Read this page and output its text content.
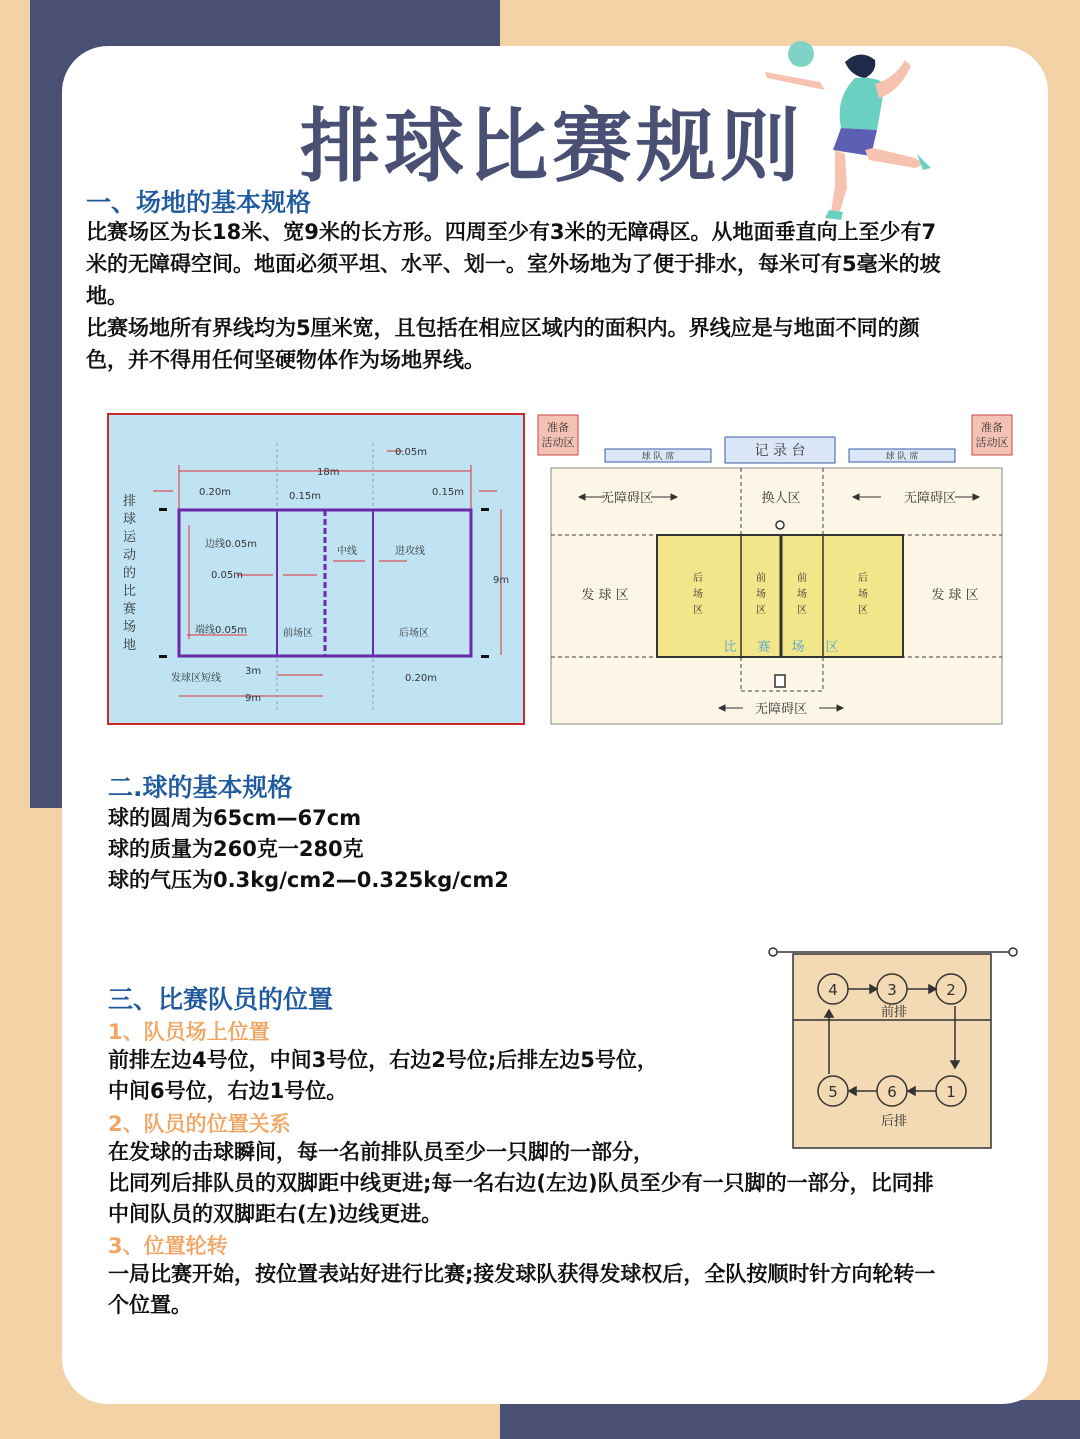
排球比赛规则
一、场地的基本规格
比赛场区为长18米、宽9米的长方形。四周至少有3米的无障碍区。从地面垂直向上至少有7
米的无障碍空间。地面必须平坦、水平、划一。室外场地为了便于排水，每米可有5毫米的坡
地。
比赛场地所有界线均为5厘米宽，且包括在相应区域内的面积内。界线应是与地面不同的颜
色，并不得用任何坚硬物体作为场地界线。
排
球
运
动
的
比
赛
场
地
18m
0.05m
0.20m	0.15m	0.15m
边线0.05m
0.05m
中线	进攻线
9m
端线0.05m	前场区	后场区
发球区短线
3m
9m
0.20m
准备
活动区
准备
活动区
球 队 席	球 队 席
记 录 台
无障碍区	换人区	无障碍区
发 球 区	发 球 区
无障碍区
后
场
区
前
场
区
前
场
区
后
场
区
比 赛 场 区
二.球的基本规格
球的圆周为65cm—67cm
球的质量为260克一280克
球的气压为0.3kg/cm2—0.325kg/cm2
三、比赛队员的位置
1、队员场上位置
前排左边4号位，中间3号位，右边2号位;后排左边5号位，
中间6号位，右边1号位。
2、队员的位置关系
在发球的击球瞬间，每一名前排队员至少一只脚的一部分，
比同列后排队员的双脚距中线更进;每一名右边(左边)队员至少有一只脚的一部分，比同排
中间队员的双脚距右(左)边线更进。
3、位置轮转
一局比赛开始，按位置表站好进行比赛;接发球队获得发球权后，全队按顺时针方向轮转一
个位置。
4	3	2
5	6	1
前排
后排
